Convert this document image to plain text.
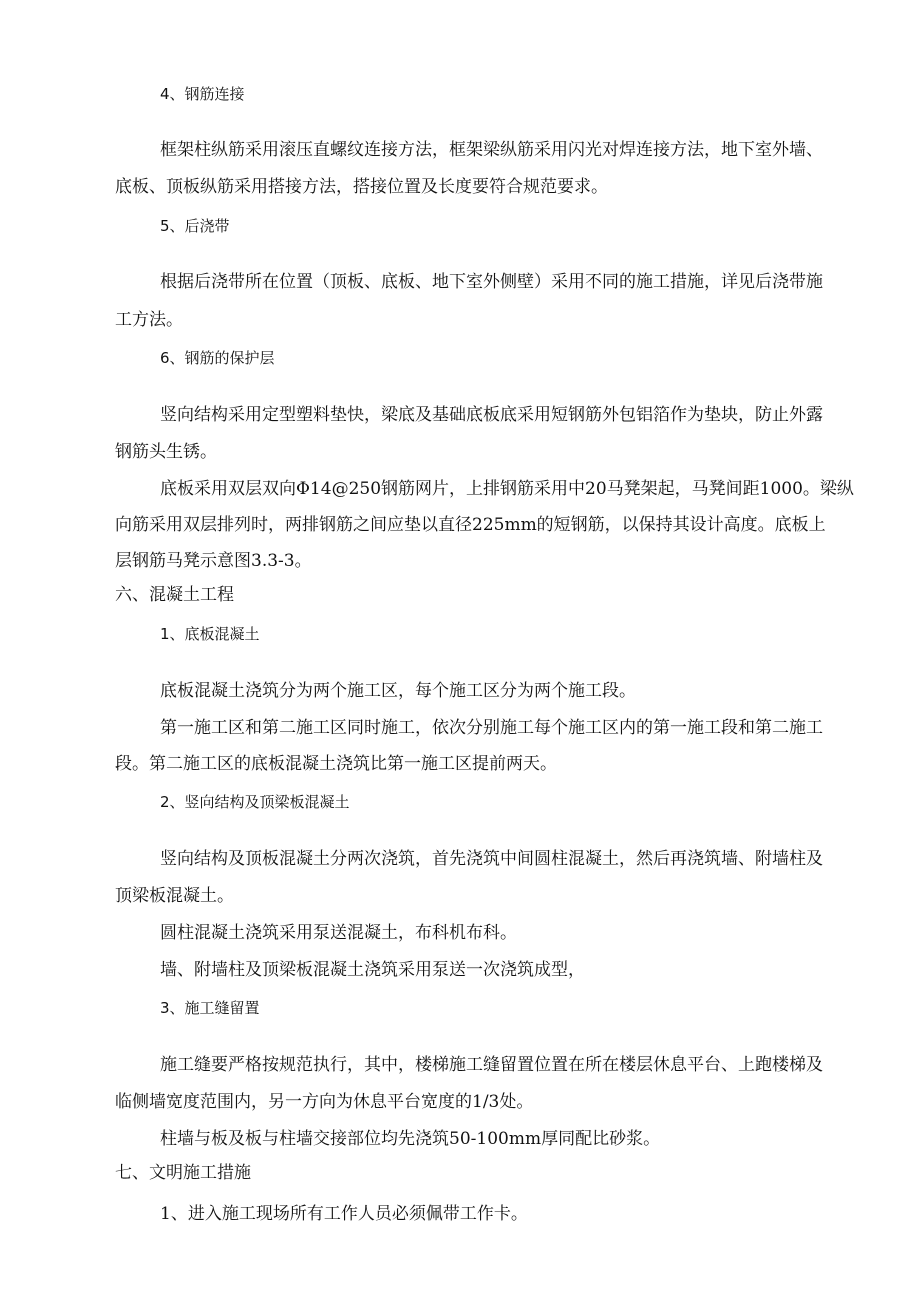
4、钢筋连接
框架柱纵筋采用滚压直螺纹连接方法，框架梁纵筋采用闪光对焊连接方法，地下室外墙、
底板、顶板纵筋采用搭接方法，搭接位置及长度要符合规范要求。
5、后浇带
根据后浇带所在位置（顶板、底板、地下室外侧壁）采用不同的施工措施，详见后浇带施
工方法。
6、钢筋的保护层
竖向结构采用定型塑料垫快，梁底及基础底板底采用短钢筋外包铝箔作为垫块，防止外露
钢筋头生锈。
底板采用双层双向Φ14@250钢筋网片，上排钢筋采用中20马凳架起，马凳间距1000。梁纵
向筋采用双层排列时，两排钢筋之间应垫以直径225mm的短钢筋，以保持其设计高度。底板上
层钢筋马凳示意图3.3-3。
六、混凝土工程
1、底板混凝土
底板混凝土浇筑分为两个施工区，每个施工区分为两个施工段。
第一施工区和第二施工区同时施工，依次分别施工每个施工区内的第一施工段和第二施工
段。第二施工区的底板混凝土浇筑比第一施工区提前两天。
2、竖向结构及顶梁板混凝土
竖向结构及顶板混凝土分两次浇筑，首先浇筑中间圆柱混凝土，然后再浇筑墙、附墙柱及
顶梁板混凝土。
圆柱混凝土浇筑采用泵送混凝土，布科机布科。
墙、附墙柱及顶梁板混凝土浇筑采用泵送一次浇筑成型，
3、施工缝留置
施工缝要严格按规范执行，其中，楼梯施工缝留置位置在所在楼层休息平台、上跑楼梯及
临侧墙宽度范围内，另一方向为休息平台宽度的1/3处。
柱墙与板及板与柱墙交接部位均先浇筑50-100mm厚同配比砂浆。
七、文明施工措施
1、进入施工现场所有工作人员必须佩带工作卡。
